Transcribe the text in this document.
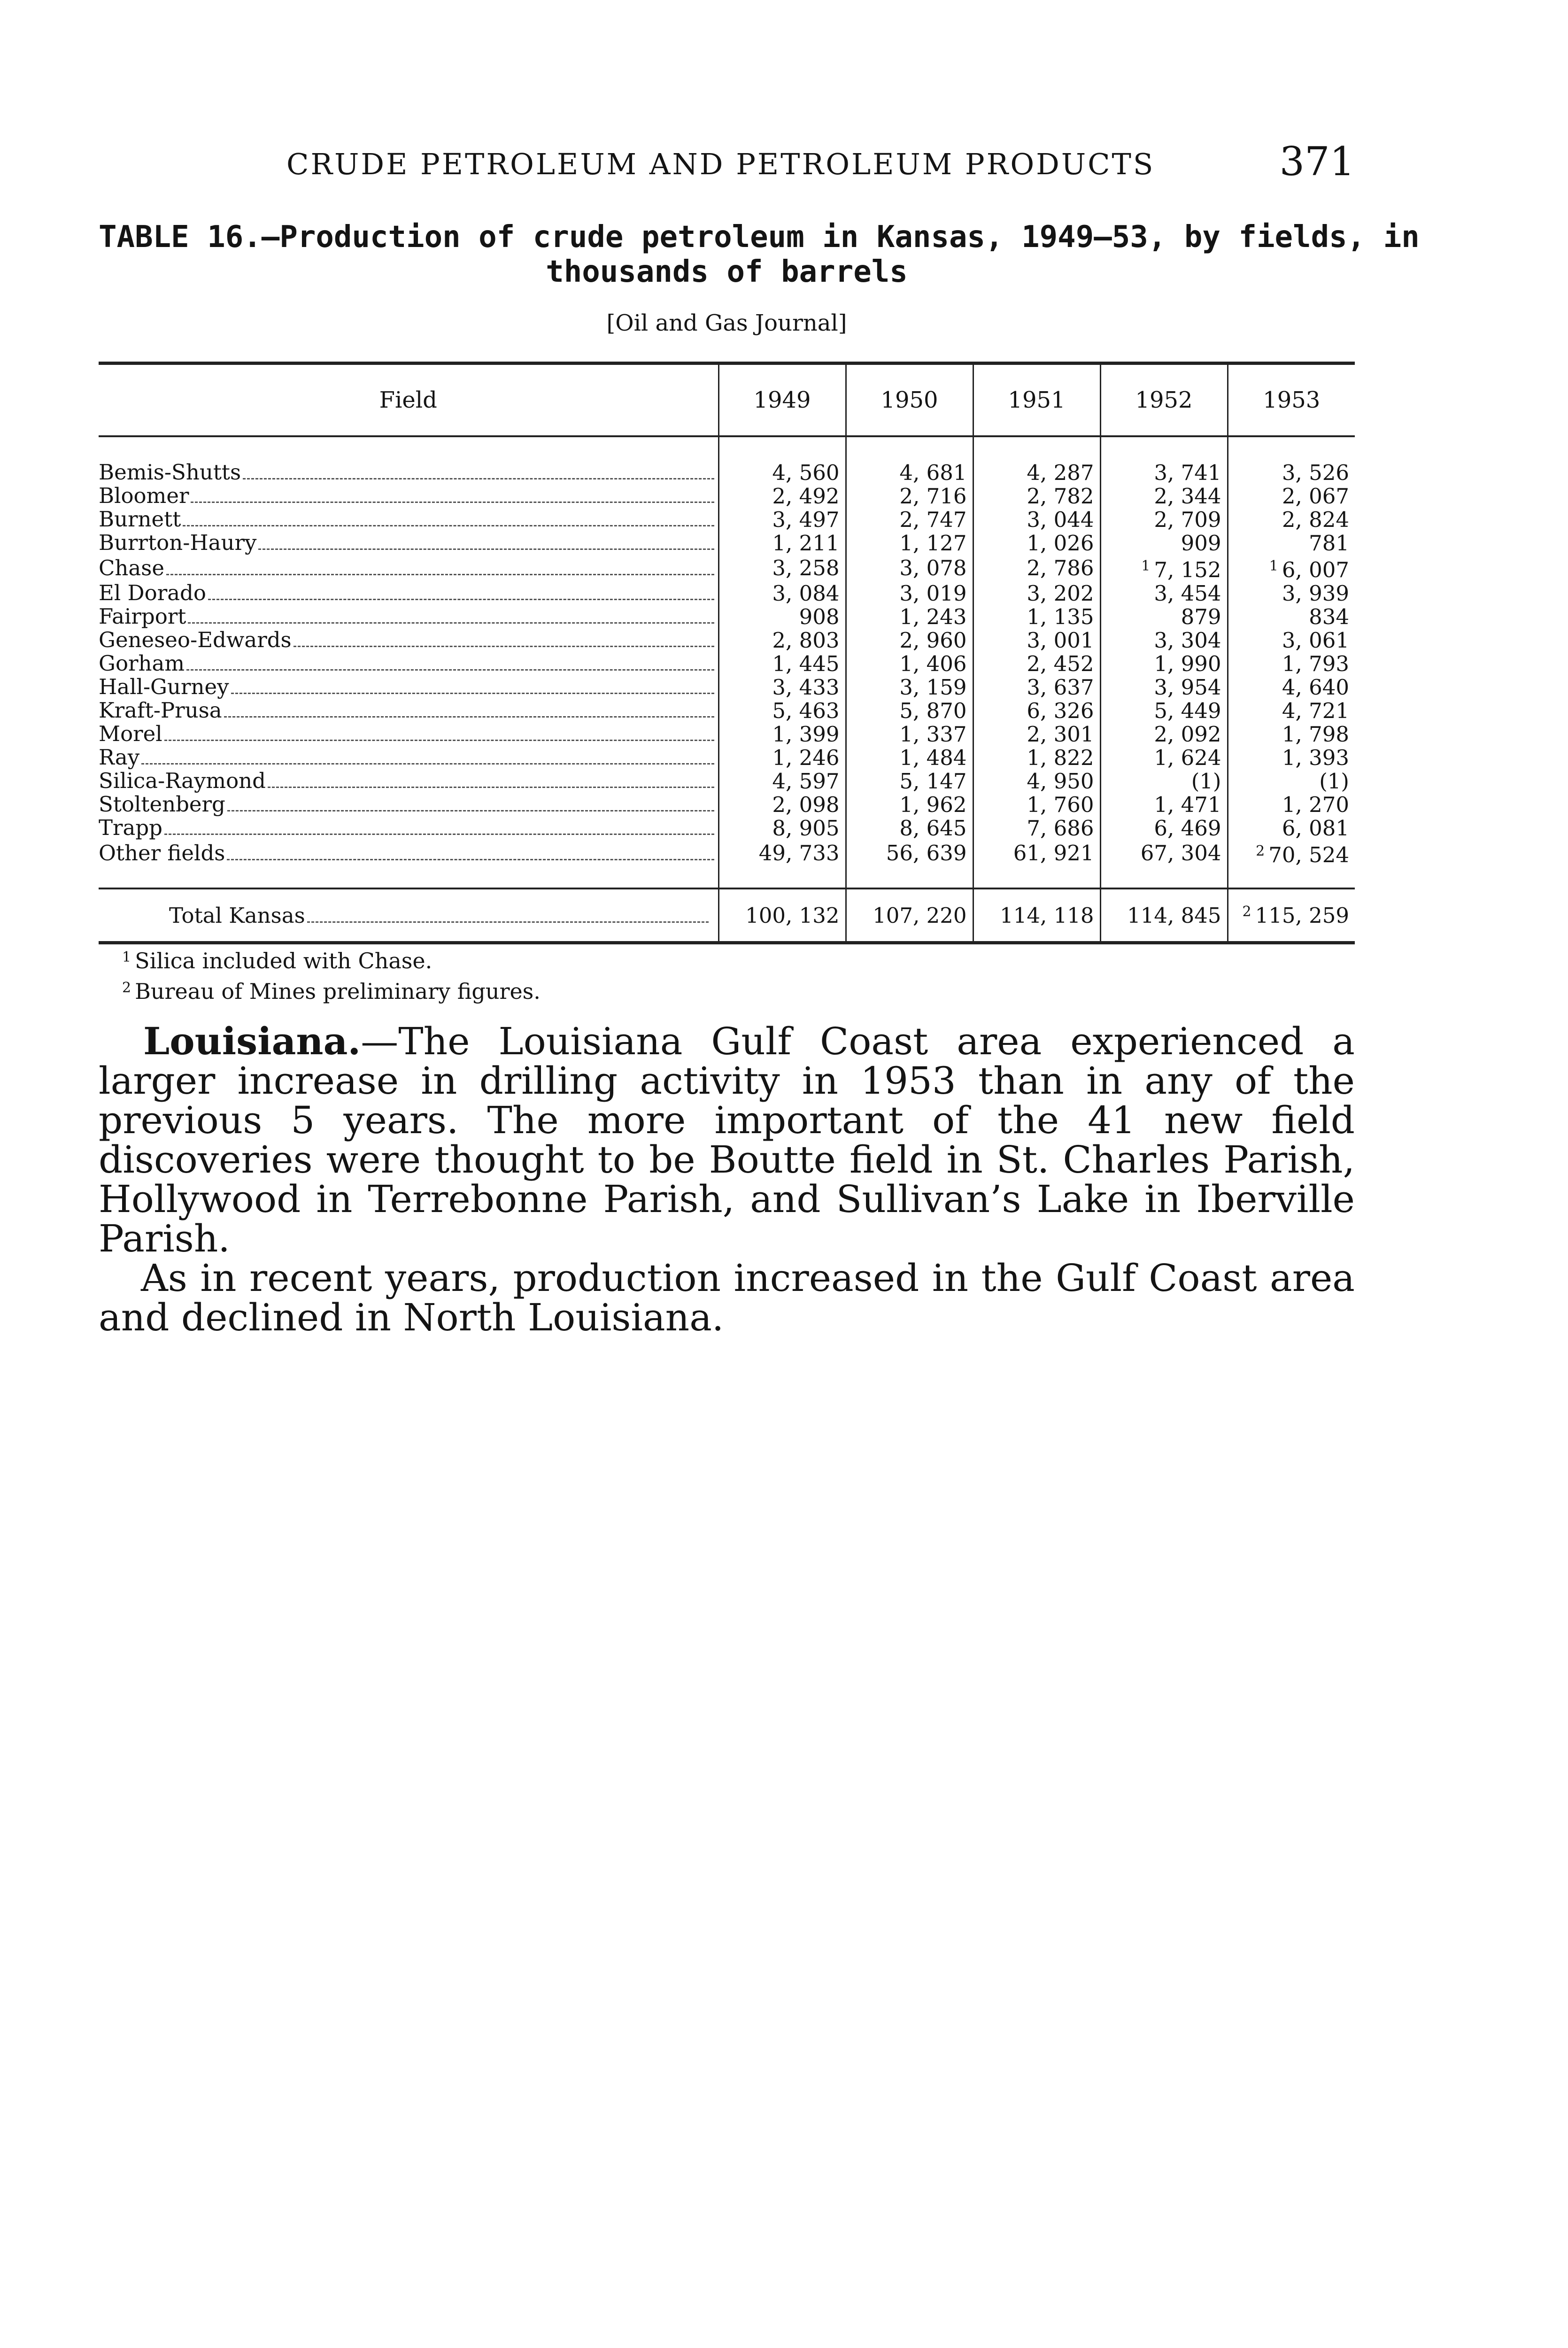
CRUDE PETROLEUM AND PETROLEUM PRODUCTS	371
TABLE 16.—Production of crude petroleum in Kansas, 1949–53, by fields, in
thousands of barrels
[Oil and Gas Journal]
Field	1949	1950	1951	1952	1953

Bemis-Shutts	4, 560	4, 681	4, 287	3, 741	3, 526

Bloomer	2, 492	2, 716	2, 782	2, 344	2, 067

Burnett	3, 497	2, 747	3, 044	2, 709	2, 824

Burrton-Haury	1, 211	1, 127	1, 026	909	781

Chase	3, 258	3, 078	2, 786	$^1$ 7, 152	$^1$ 6, 007

El Dorado	3, 084	3, 019	3, 202	3, 454	3, 939

Fairport	908	1, 243	1, 135	879	834

Geneseo-Edwards	2, 803	2, 960	3, 001	3, 304	3, 061

Gorham	1, 445	1, 406	2, 452	1, 990	1, 793

Hall-Gurney	3, 433	3, 159	3, 637	3, 954	4, 640

Kraft-Prusa	5, 463	5, 870	6, 326	5, 449	4, 721

Morel	1, 399	1, 337	2, 301	2, 092	1, 798

Ray	1, 246	1, 484	1, 822	1, 624	1, 393

Silica-Raymond	4, 597	5, 147	4, 950	(1)	(1)

Stoltenberg	2, 098	1, 962	1, 760	1, 471	1, 270

Trapp	8, 905	8, 645	7, 686	6, 469	6, 081

Other fields	49, 733	56, 639	61, 921	67, 304	$^2$ 70, 524

Total Kansas	100, 132	107, 220	114, 118	114, 845	$^2$ 115, 259
$^1$ Silica included with Chase.
$^2$ Bureau of Mines preliminary figures.

Louisiana.—The Louisiana Gulf Coast area experienced a larger increase in drilling activity in 1953 than in any of the previous 5 years. The more important of the 41 new field discoveries were thought to be Boutte field in St. Charles Parish, Hollywood in Terrebonne Parish, and Sullivan’s Lake in Iberville Parish.

As in recent years, production increased in the Gulf Coast area and declined in North Louisiana.
